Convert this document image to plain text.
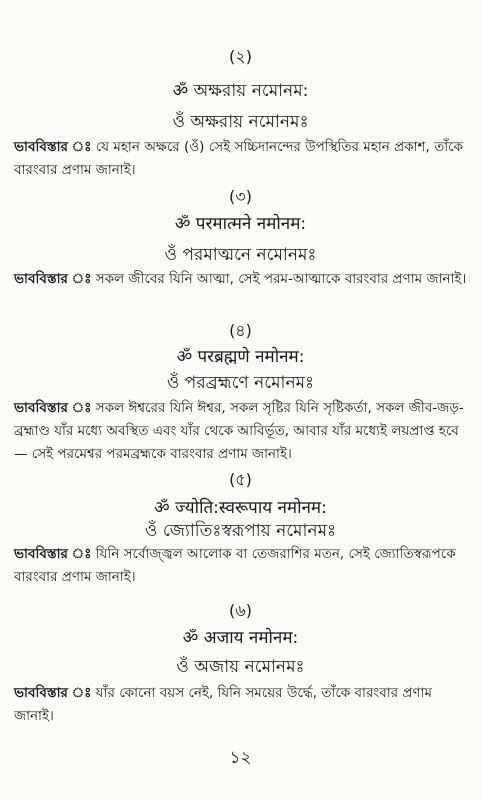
(২)
ॐ অক্ষরায় নমোনম:
ওঁ অক্ষরায় নমোনমঃ
ভাববিস্তার ঃ যে মহান অক্ষরে (ওঁ) সেই সচ্চিদানন্দের উপস্থিতির মহান প্রকাশ, তাঁকে বারংবার প্রণাম জানাই।
(৩)
ॐ परमात्मने नमोनम:
ওঁ পরমাত্মনে নমোনমঃ
ভাববিস্তার ঃ সকল জীবের যিনি আত্মা, সেই পরম-আত্মাকে বারংবার প্রণাম জানাই।
(৪)
ॐ परब्रह्मणे नमोनम:
ওঁ পরব্রহ্মণে নমোনমঃ
ভাববিস্তার ঃ সকল ঈশ্বরের যিনি ঈশ্বর, সকল সৃষ্টির যিনি সৃষ্টিকর্তা, সকল জীব-জড়-ব্রহ্মাণ্ড যাঁর মধ্যে অবস্থিত এবং যাঁর থেকে আবির্ভূত, আবার যাঁর মধ্যেই লয়প্রাপ্ত হবে — সেই পরমেশ্বর পরমব্রহ্মকে বারংবার প্রণাম জানাই।
(৫)
ॐ ज्योति:स्वरूपाय नमोनम:
ওঁ জ্যোতিঃস্বরূপায় নমোনমঃ
ভাববিস্তার ঃ যিনি সর্বোজ্জ্বল আলোক বা তেজরাশির মতন, সেই জ্যোতিস্বরূপকে বারংবার প্রণাম জানাই।
(৬)
ॐ अजाय नमोनम:
ওঁ অজায় নমোনমঃ
ভাববিস্তার ঃ যাঁর কোনো বয়স নেই, যিনি সময়ের উর্দ্ধে, তাঁকে বারংবার প্রণাম জানাই।
১২
